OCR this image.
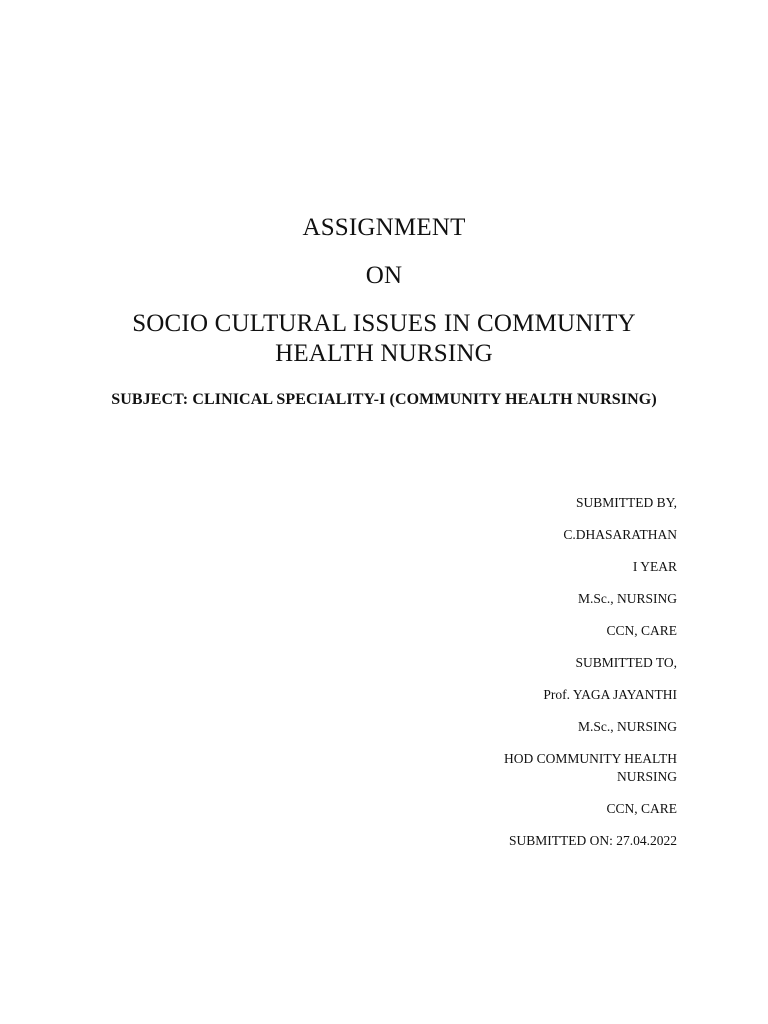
ASSIGNMENT
ON
SOCIO CULTURAL ISSUES IN COMMUNITY
HEALTH NURSING
SUBJECT: CLINICAL SPECIALITY-I (COMMUNITY HEALTH NURSING)
SUBMITTED BY,
C.DHASARATHAN
I YEAR
M.Sc., NURSING
CCN, CARE
SUBMITTED TO,
Prof. YAGA JAYANTHI
M.Sc., NURSING
HOD COMMUNITY HEALTH
NURSING
CCN, CARE
SUBMITTED ON: 27.04.2022
